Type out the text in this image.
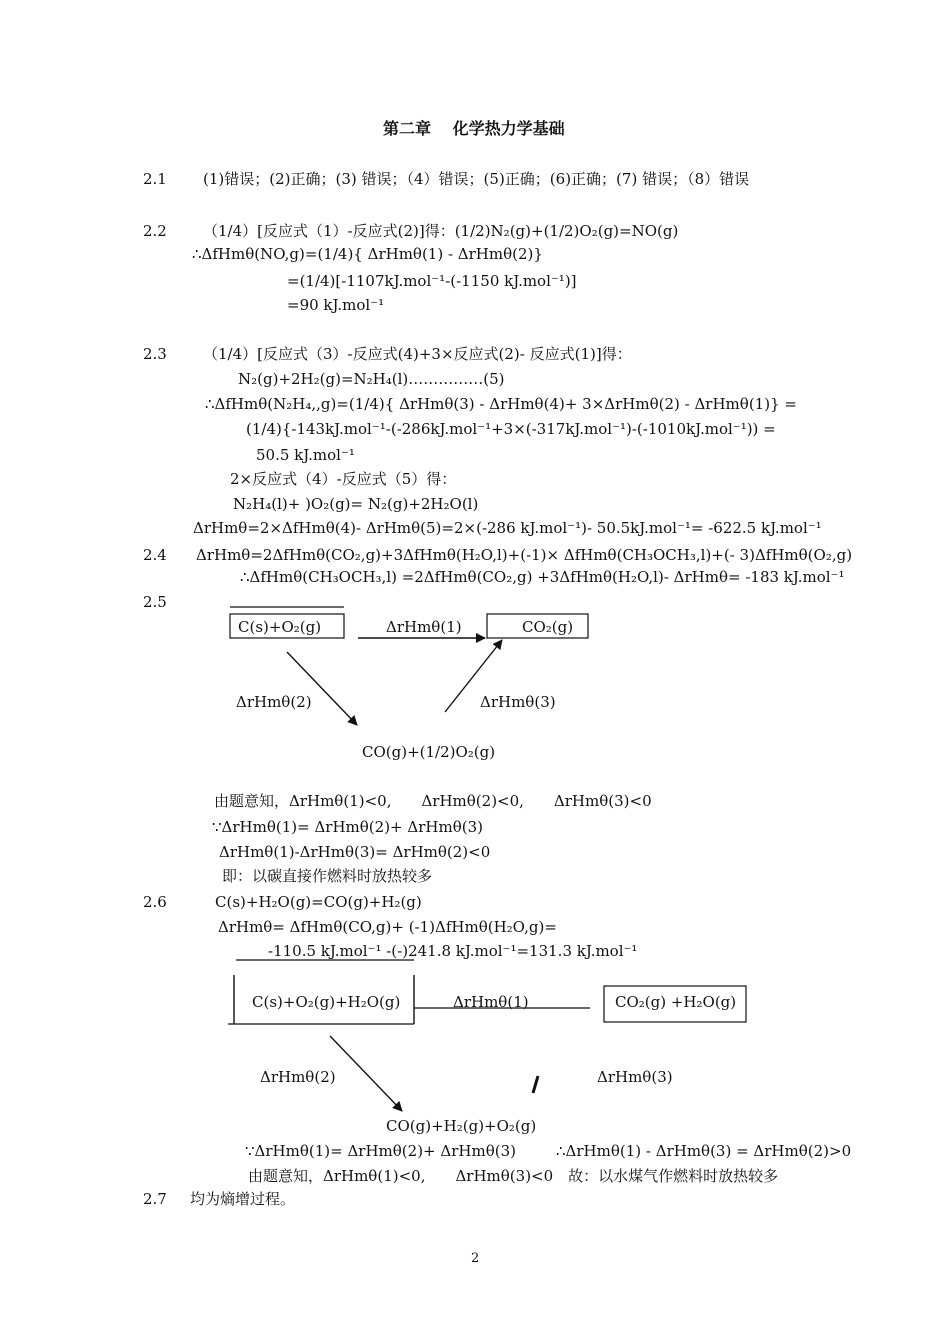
第二章　 化学热力学基础
2.1 (1)错误；(2)正确；(3) 错误；（4）错误；(5)正确；(6)正确；(7) 错误；（8）错误
2.2 （1/4）[反应式（1）-反应式(2)]得：(1/2)N₂(g)+(1/2)O₂(g)=NO(g)
∴ΔfHmθ(NO,g)=(1/4){ ΔrHmθ(1) - ΔrHmθ(2)}
=(1/4)[-1107kJ.mol⁻¹-(-1150 kJ.mol⁻¹)]
=90 kJ.mol⁻¹
2.3 （1/4）[反应式（3）-反应式(4)+3×反应式(2)- 反应式(1)]得：
N₂(g)+2H₂(g)=N₂H₄(l)……………(5)
∴ΔfHmθ(N₂H₄,,g)=(1/4){ ΔrHmθ(3) - ΔrHmθ(4)+ 3×ΔrHmθ(2) - ΔrHmθ(1)} =
(1/4){-143kJ.mol⁻¹-(-286kJ.mol⁻¹+3×(-317kJ.mol⁻¹)-(-1010kJ.mol⁻¹)) =
50.5 kJ.mol⁻¹
2×反应式（4）-反应式（5）得：
N₂H₄(l)+ )O₂(g)= N₂(g)+2H₂O(l)
ΔrHmθ=2×ΔfHmθ(4)- ΔrHmθ(5)=2×(-286 kJ.mol⁻¹)- 50.5kJ.mol⁻¹= -622.5 kJ.mol⁻¹
2.4 ΔrHmθ=2ΔfHmθ(CO₂,g)+3ΔfHmθ(H₂O,l)+(-1)× ΔfHmθ(CH₃OCH₃,l)+(- 3)ΔfHmθ(O₂,g)
∴ΔfHmθ(CH₃OCH₃,l) =2ΔfHmθ(CO₂,g) +3ΔfHmθ(H₂O,l)- ΔrHmθ= -183 kJ.mol⁻¹
2.5
C(s)+O₂(g)	ΔrHmθ(1)	CO₂(g)
ΔrHmθ(2)	ΔrHmθ(3)
CO(g)+(1/2)O₂(g)
由题意知，ΔrHmθ(1)<0,　　ΔrHmθ(2)<0,　　ΔrHmθ(3)<0
∵ΔrHmθ(1)= ΔrHmθ(2)+ ΔrHmθ(3)
ΔrHmθ(1)-ΔrHmθ(3)= ΔrHmθ(2)<0
即：以碳直接作燃料时放热较多
2.6	C(s)+H₂O(g)=CO(g)+H₂(g)
ΔrHmθ= ΔfHmθ(CO,g)+ (-1)ΔfHmθ(H₂O,g)=
-110.5 kJ.mol⁻¹ -(-)241.8 kJ.mol⁻¹=131.3 kJ.mol⁻¹
C(s)+O₂(g)+H₂O(g)	ΔrHmθ(1)	CO₂(g) +H₂O(g)
ΔrHmθ(2)	ΔrHmθ(3)
CO(g)+H₂(g)+O₂(g)
∵ΔrHmθ(1)= ΔrHmθ(2)+ ΔrHmθ(3)	∴ΔrHmθ(1) - ΔrHmθ(3) = ΔrHmθ(2)>0
由题意知，ΔrHmθ(1)<0,　　ΔrHmθ(3)<0　故：以水煤气作燃料时放热较多
2.7 均为熵增过程。
2
